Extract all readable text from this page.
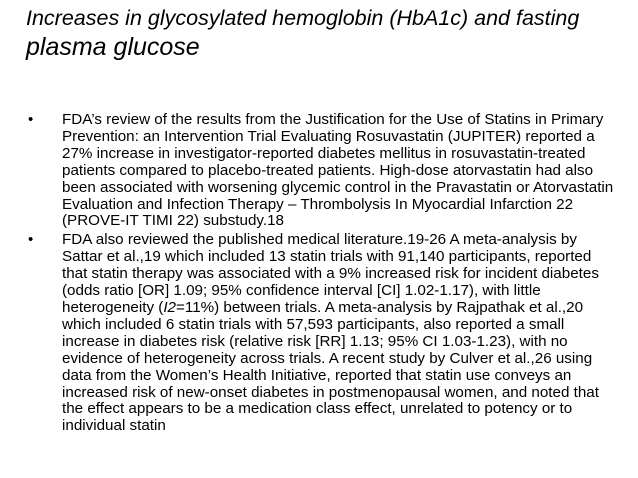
Increases in glycosylated hemoglobin (HbA1c) and fasting plasma glucose
• FDA’s review of the results from the Justification for the Use of Statins in Primary Prevention: an Intervention Trial Evaluating Rosuvastatin (JUPITER) reported a 27% increase in investigator-reported diabetes mellitus in rosuvastatin-treated patients compared to placebo-treated patients. High-dose atorvastatin had also been associated with worsening glycemic control in the Pravastatin or Atorvastatin Evaluation and Infection Therapy – Thrombolysis In Myocardial Infarction 22 (PROVE-IT TIMI 22) substudy.18
• FDA also reviewed the published medical literature.19-26 A meta-analysis by Sattar et al.,19 which included 13 statin trials with 91,140 participants, reported that statin therapy was associated with a 9% increased risk for incident diabetes (odds ratio [OR] 1.09; 95% confidence interval [CI] 1.02-1.17), with little heterogeneity (I2=11%) between trials. A meta-analysis by Rajpathak et al.,20 which included 6 statin trials with 57,593 participants, also reported a small increase in diabetes risk (relative risk [RR] 1.13; 95% CI 1.03-1.23), with no evidence of heterogeneity across trials. A recent study by Culver et al.,26 using data from the Women’s Health Initiative, reported that statin use conveys an increased risk of new-onset diabetes in postmenopausal women, and noted that the effect appears to be a medication class effect, unrelated to potency or to individual statin
